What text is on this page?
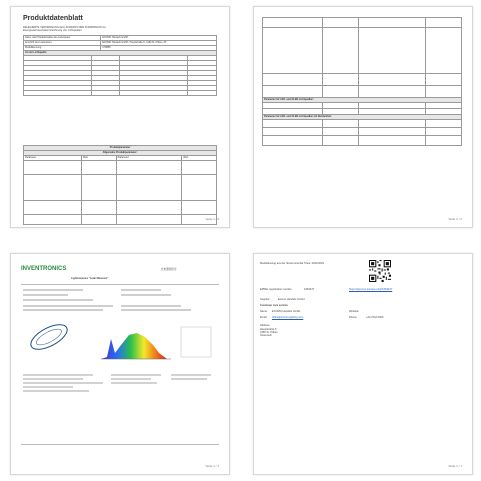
Produktdatenblatt
DELEGIERTE VERORDNUNG (EU) 2019/2015 DER KOMMISSION zur
Energieverbrauchskennzeichnung von Lichtquellen
Name oder Handelsmarke des Lieferanten:	ECOMO Handels GmbH
Anschrift des Lieferanten:	ECOMO Handels GmbH, Hauptstraße 5, 3180 St. Pölten, AT
Modellkennung:	C78855
Art der Lichtquelle:			

Produktparameter			
Allgemeine Produktparameter:			
Parameter	Wert	Parameter	Wert

Seite 1 / 2

Parameter für LED- und OLED-Lichtquellen:			

Parameter für LED- und OLED-Lichtquellen mit Netzbetrieb:			

Seite 2 / 2
INVENTRONICS	光电测试报告
Lightmeasure "Leak Measure"
Seite 1 / 1
Modellauszug aus der 'Environmental Trace' 2021/2023
EPREL registration number:	1063447	https://eprel.ec.europa.eu/qr/1063447
Supplier:	Ecomo Handels GmbH
Customer care service
Name: ECOMO Handels GmbH	Website:
Email: office@ecomo-lighting.com	Phone:	+43 2742 0000
Address:
Hauptstraße 5
3180 St. Pölten
Österreich
Seite 1 / 1
